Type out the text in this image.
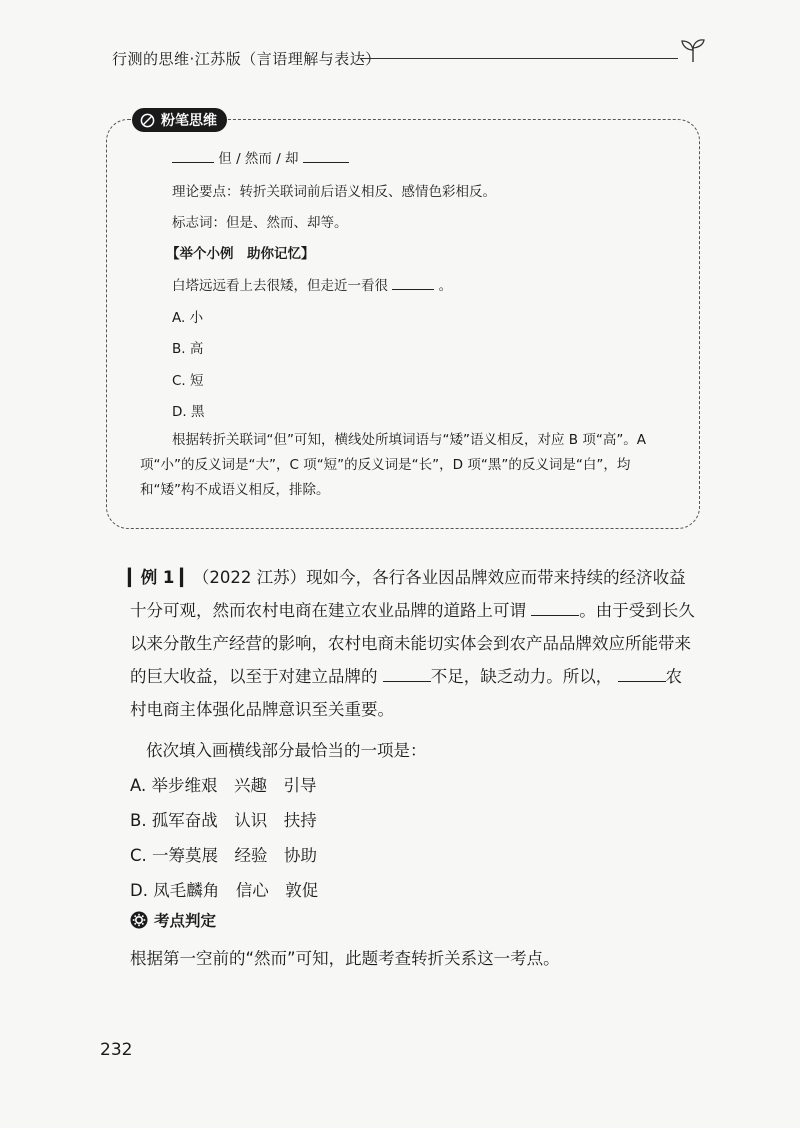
行测的思维·江苏版（言语理解与表达）
粉笔思维
但 / 然而 / 却
理论要点：转折关联词前后语义相反、感情色彩相反。
标志词：但是、然而、却等。
【举个小例　助你记忆】
白塔远远看上去很矮，但走近一看很	。
A. 小
B. 高
C. 短
D. 黑
根据转折关联词“但”可知，横线处所填词语与“矮”语义相反，对应 B 项“高”。A 项“小”的反义词是“大”，C 项“短”的反义词是“长”，D 项“黑”的反义词是“白”，均和“矮”构不成语义相反，排除。
▎例 1 ▎（2022 江苏）现如今，各行各业因品牌效应而带来持续的经济收益十分可观，然而农村电商在建立农业品牌的道路上可谓	。由于受到长久以来分散生产经营的影响，农村电商未能切实体会到农产品品牌效应所能带来的巨大收益，以至于对建立品牌的	不足，缺乏动力。所以，	农村电商主体强化品牌意识至关重要。
依次填入画横线部分最恰当的一项是：
A. 举步维艰　兴趣　引导
B. 孤军奋战　认识　扶持
C. 一筹莫展　经验　协助
D. 凤毛麟角　信心　敦促
考点判定
根据第一空前的“然而”可知，此题考查转折关系这一考点。
232
